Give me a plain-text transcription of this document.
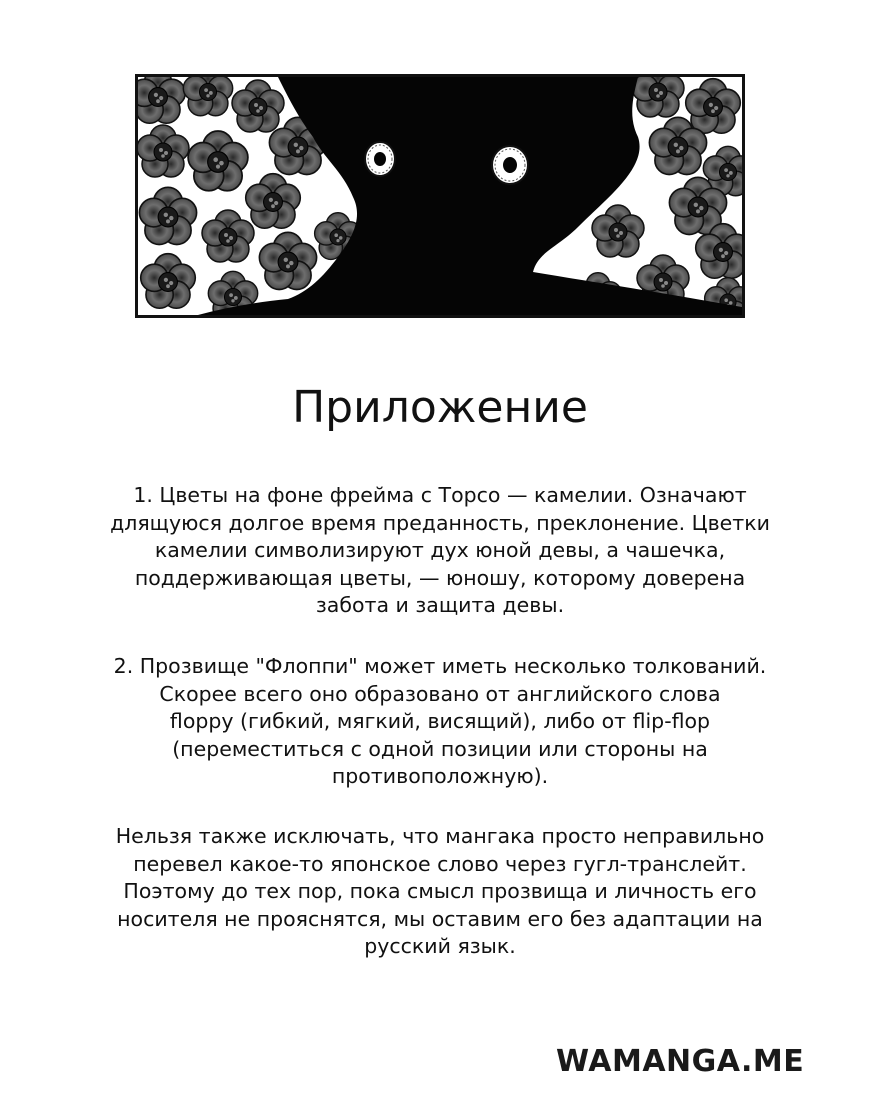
Приложение
1. Цветы на фоне фрейма с Торсо — камелии. Означают
длящуюся долгое время преданность, преклонение. Цветки
камелии символизируют дух юной девы, а чашечка,
поддерживающая цветы, — юношу, которому доверена
забота и защита девы.
2. Прозвище "Флоппи" может иметь несколько толкований.
Скорее всего оно образовано от английского слова
floppy (гибкий, мягкий, висящий), либо от flip-flop
(переместиться с одной позиции или стороны на
противоположную).
Нельзя также исключать, что мангака просто неправильно
перевел какое-то японское слово через гугл-транслейт.
Поэтому до тех пор, пока смысл прозвища и личность его
носителя не прояснятся, мы оставим его без адаптации на
русский язык.
WAMANGA.ME
